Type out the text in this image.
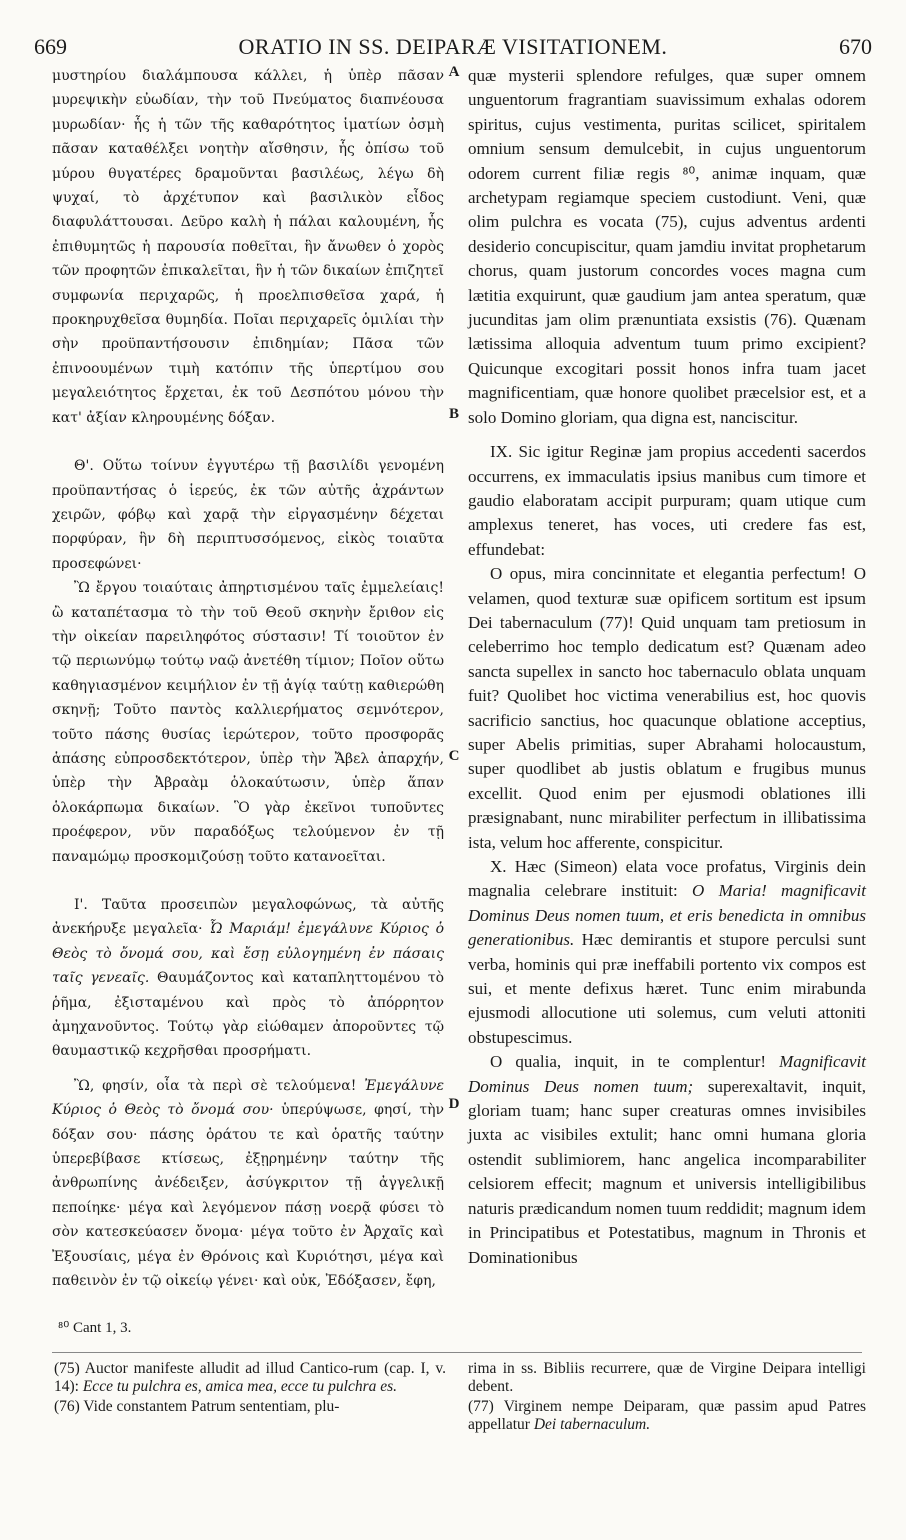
669	ORATIO IN SS. DEIPARÆ VISITATIONEM.	670
A
B
C
D

μυστηρίου διαλάμπουσα κάλλει, ἡ ὑπὲρ πᾶσαν μυρεψικὴν εὐωδίαν, τὴν τοῦ Πνεύματος διαπνέουσα μυρωδίαν· ἧς ἡ τῶν τῆς καθαρότητος ἱματίων ὀσμὴ πᾶσαν καταθέλξει νοητὴν αἴσθησιν, ἧς ὀπίσω τοῦ μύρου θυγατέρες δραμοῦνται βασιλέως, λέγω δὴ ψυχαί, τὸ ἀρχέτυπον καὶ βασιλικὸν εἶδος διαφυλάττουσαι. Δεῦρο καλὴ ἡ πάλαι καλουμένη, ἧς ἐπιθυμητῶς ἡ παρουσία ποθεῖται, ἣν ἄνωθεν ὁ χορὸς τῶν προφητῶν ἐπικαλεῖται, ἣν ἡ τῶν δικαίων ἐπιζητεῖ συμφωνία περιχαρῶς, ἡ προελπισθεῖσα χαρά, ἡ προκηρυχθεῖσα θυμηδία. Ποῖαι περιχαρεῖς ὁμιλίαι τὴν σὴν προϋπαντήσουσιν ἐπιδημίαν; Πᾶσα τῶν ἐπινοουμένων τιμὴ κατόπιν τῆς ὑπερτίμου σου μεγαλειότητος ἔρχεται, ἐκ τοῦ Δεσπότου μόνου τὴν κατ' ἀξίαν κληρουμένης δόξαν.

Θ'. Οὕτω τοίνυν ἐγγυτέρω τῇ βασιλίδι γενομένη προϋπαντήσας ὁ ἱερεύς, ἐκ τῶν αὐτῆς ἀχράντων χειρῶν, φόβῳ καὶ χαρᾷ τὴν εἰργασμένην δέχεται πορφύραν, ἣν δὴ περιπτυσσόμενος, εἰκὸς τοιαῦτα προσεφώνει·

Ὢ ἔργου τοιαύταις ἀπηρτισμένου ταῖς ἐμμελείαις! ὢ καταπέτασμα τὸ τὴν τοῦ Θεοῦ σκηνὴν ἔριθον εἰς τὴν οἰκείαν παρειληφότος σύστασιν! Τί τοιοῦτον ἐν τῷ περιωνύμῳ τούτῳ ναῷ ἀνετέθη τίμιον; Ποῖον οὕτω καθηγιασμένον κειμήλιον ἐν τῇ ἁγίᾳ ταύτῃ καθιερώθη σκηνῇ; Τοῦτο παντὸς καλλιερήματος σεμνότερον, τοῦτο πάσης θυσίας ἱερώτερον, τοῦτο προσφορᾶς ἁπάσης εὐπροσδεκτότερον, ὑπὲρ τὴν Ἄβελ ἀπαρχήν, ὑπὲρ τὴν Ἀβραὰμ ὁλοκαύτωσιν, ὑπὲρ ἅπαν ὁλοκάρπωμα δικαίων. Ὃ γὰρ ἐκεῖνοι τυποῦντες προέφερον, νῦν παραδόξως τελούμενον ἐν τῇ παναμώμῳ προσκομιζούσῃ τοῦτο κατανοεῖται.

Ι'. Ταῦτα προσειπὼν μεγαλοφώνως, τὰ αὐτῆς ἀνεκήρυξε μεγαλεῖα· Ὦ Μαριάμ! ἐμεγάλυνε Κύριος ὁ Θεὸς τὸ ὄνομά σου, καὶ ἔσῃ εὐλογημένη ἐν πάσαις ταῖς γενεαῖς. Θαυμάζοντος καὶ καταπληττομένου τὸ ῥῆμα, ἐξισταμένου καὶ πρὸς τὸ ἀπόρρητον ἀμηχανοῦντος. Τούτῳ γὰρ εἰώθαμεν ἀποροῦντες τῷ θαυμαστικῷ κεχρῆσθαι προσρήματι.

Ὢ, φησίν, οἷα τὰ περὶ σὲ τελούμενα! Ἐμεγάλυνε Κύριος ὁ Θεὸς τὸ ὄνομά σου· ὑπερύψωσε, φησί, τὴν δόξαν σου· πάσης ὁράτου τε καὶ ὁρατῆς ταύτην ὑπερεβίβασε κτίσεως, ἐξῃρημένην ταύτην τῆς ἀνθρωπίνης ἀνέδειξεν, ἀσύγκριτον τῇ ἀγγελικῇ πεποίηκε· μέγα καὶ λεγόμενον πάσῃ νοερᾷ φύσει τὸ σὸν κατεσκεύασεν ὄνομα· μέγα τοῦτο ἐν Ἀρχαῖς καὶ Ἐξουσίαις, μέγα ἐν Θρόνοις καὶ Κυριότησι, μέγα καὶ παθεινὸν ἐν τῷ οἰκείῳ γένει· καὶ οὐκ, Ἐδόξασεν, ἔφη,

quæ mysterii splendore refulges, quæ super omnem unguentorum fragrantiam suavissimum exhalas odorem spiritus, cujus vestimenta, puritas scilicet, spiritalem omnium sensum demulcebit, in cujus unguentorum odorem current filiæ regis ⁸⁰, animæ inquam, quæ archetypam regiamque speciem custodiunt. Veni, quæ olim pulchra es vocata (75), cujus adventus ardenti desiderio concupiscitur, quam jamdiu invitat prophetarum chorus, quam justorum concordes voces magna cum lætitia exquirunt, quæ gaudium jam antea speratum, quæ jucunditas jam olim prænuntiata exsistis (76). Quænam lætissima alloquia adventum tuum primo excipient? Quicunque excogitari possit honos infra tuam jacet magnificentiam, quæ honore quolibet præcelsior est, et a solo Domino gloriam, qua digna est, nanciscitur.

IX. Sic igitur Reginæ jam propius accedenti sacerdos occurrens, ex immaculatis ipsius manibus cum timore et gaudio elaboratam accipit purpuram; quam utique cum amplexus teneret, has voces, uti credere fas est, effundebat:

O opus, mira concinnitate et elegantia perfectum! O velamen, quod texturæ suæ opificem sortitum est ipsum Dei tabernaculum (77)! Quid unquam tam pretiosum in celeberrimo hoc templo dedicatum est? Quænam adeo sancta supellex in sancto hoc tabernaculo oblata unquam fuit? Quolibet hoc victima venerabilius est, hoc quovis sacrificio sanctius, hoc quacunque oblatione acceptius, super Abelis primitias, super Abrahami holocaustum, super quodlibet ab justis oblatum e frugibus munus excellit. Quod enim per ejusmodi oblationes illi præsignabant, nunc mirabiliter perfectum in illibatissima ista, velum hoc afferente, conspicitur.

X. Hæc (Simeon) elata voce profatus, Virginis dein magnalia celebrare instituit: O Maria! magnificavit Dominus Deus nomen tuum, et eris benedicta in omnibus generationibus. Hæc demirantis et stupore perculsi sunt verba, hominis qui præ ineffabili portento vix compos est sui, et mente defixus hæret. Tunc enim mirabunda ejusmodi allocutione uti solemus, cum veluti attoniti obstupescimus.

O qualia, inquit, in te complentur! Magnificavit Dominus Deus nomen tuum; superexaltavit, inquit, gloriam tuam; hanc super creaturas omnes invisibiles juxta ac visibiles extulit; hanc omni humana gloria ostendit sublimiorem, hanc angelica incomparabiliter celsiorem effecit; magnum et universis intelligibilibus naturis prædicandum nomen tuum reddidit; magnum idem in Principatibus et Potestatibus, magnum in Thronis et Dominationibus

⁸⁰ Cant 1, 3.

(75) Auctor manifeste alludit ad illud Cantico-rum (cap. I, v. 14): Ecce tu pulchra es, amica mea, ecce tu pulchra es.

(76) Vide constantem Patrum sententiam, plu-

rima in ss. Bibliis recurrere, quæ de Virgine Deipara intelligi debent.

(77) Virginem nempe Deiparam, quæ passim apud Patres appellatur Dei tabernaculum.
